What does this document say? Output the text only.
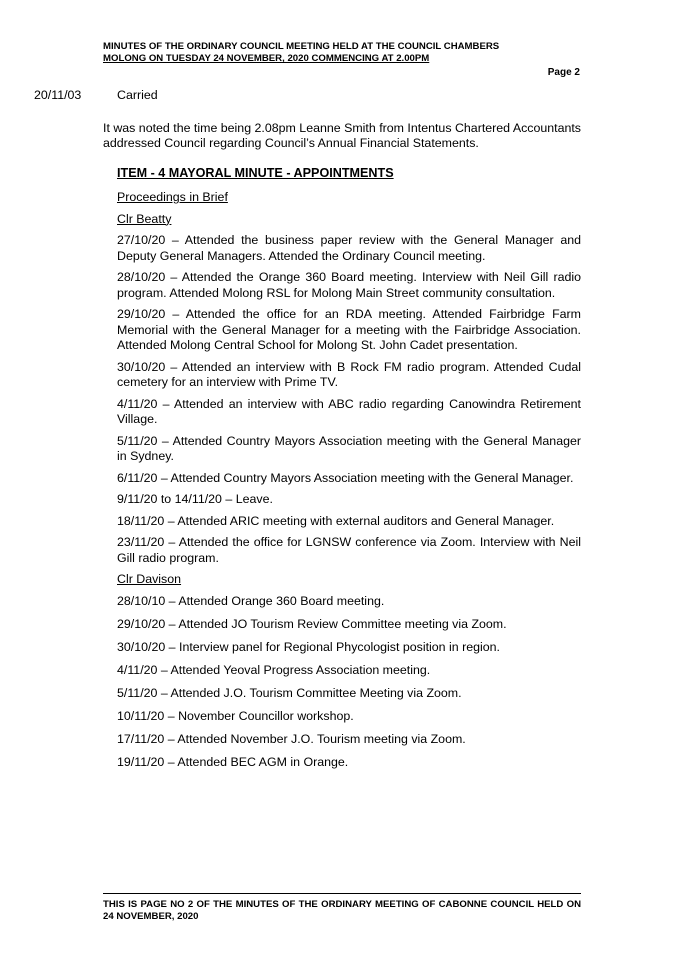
MINUTES OF THE ORDINARY COUNCIL MEETING HELD AT THE COUNCIL CHAMBERS
MOLONG ON TUESDAY 24 NOVEMBER, 2020 COMMENCING AT 2.00PM
Page 2
20/11/03	Carried

It was noted the time being 2.08pm Leanne Smith from Intentus Chartered Accountants addressed Council regarding Council’s Annual Financial Statements.

ITEM - 4 MAYORAL MINUTE - APPOINTMENTS
Proceedings in Brief
Clr Beatty
27/10/20 – Attended the business paper review with the General Manager and Deputy General Managers. Attended the Ordinary Council meeting.
28/10/20 – Attended the Orange 360 Board meeting. Interview with Neil Gill radio program. Attended Molong RSL for Molong Main Street community consultation.
29/10/20 – Attended the office for an RDA meeting. Attended Fairbridge Farm Memorial with the General Manager for a meeting with the Fairbridge Association. Attended Molong Central School for Molong St. John Cadet presentation.
30/10/20 – Attended an interview with B Rock FM radio program. Attended Cudal cemetery for an interview with Prime TV.
4/11/20 – Attended an interview with ABC radio regarding Canowindra Retirement Village.
5/11/20 – Attended Country Mayors Association meeting with the General Manager in Sydney.
6/11/20 – Attended Country Mayors Association meeting with the General Manager.
9/11/20 to 14/11/20 – Leave.
18/11/20 – Attended ARIC meeting with external auditors and General Manager.
23/11/20 – Attended the office for LGNSW conference via Zoom. Interview with Neil Gill radio program.
Clr Davison
28/10/10 – Attended Orange 360 Board meeting.
29/10/20 – Attended JO Tourism Review Committee meeting via Zoom.
30/10/20 – Interview panel for Regional Phycologist position in region.
4/11/20 – Attended Yeoval Progress Association meeting.
5/11/20 – Attended J.O. Tourism Committee Meeting via Zoom.
10/11/20 – November Councillor workshop.
17/11/20 – Attended November J.O. Tourism meeting via Zoom.
19/11/20 – Attended BEC AGM in Orange.
THIS IS PAGE NO 2 OF THE MINUTES OF THE ORDINARY MEETING OF CABONNE COUNCIL HELD ON 24 NOVEMBER, 2020
